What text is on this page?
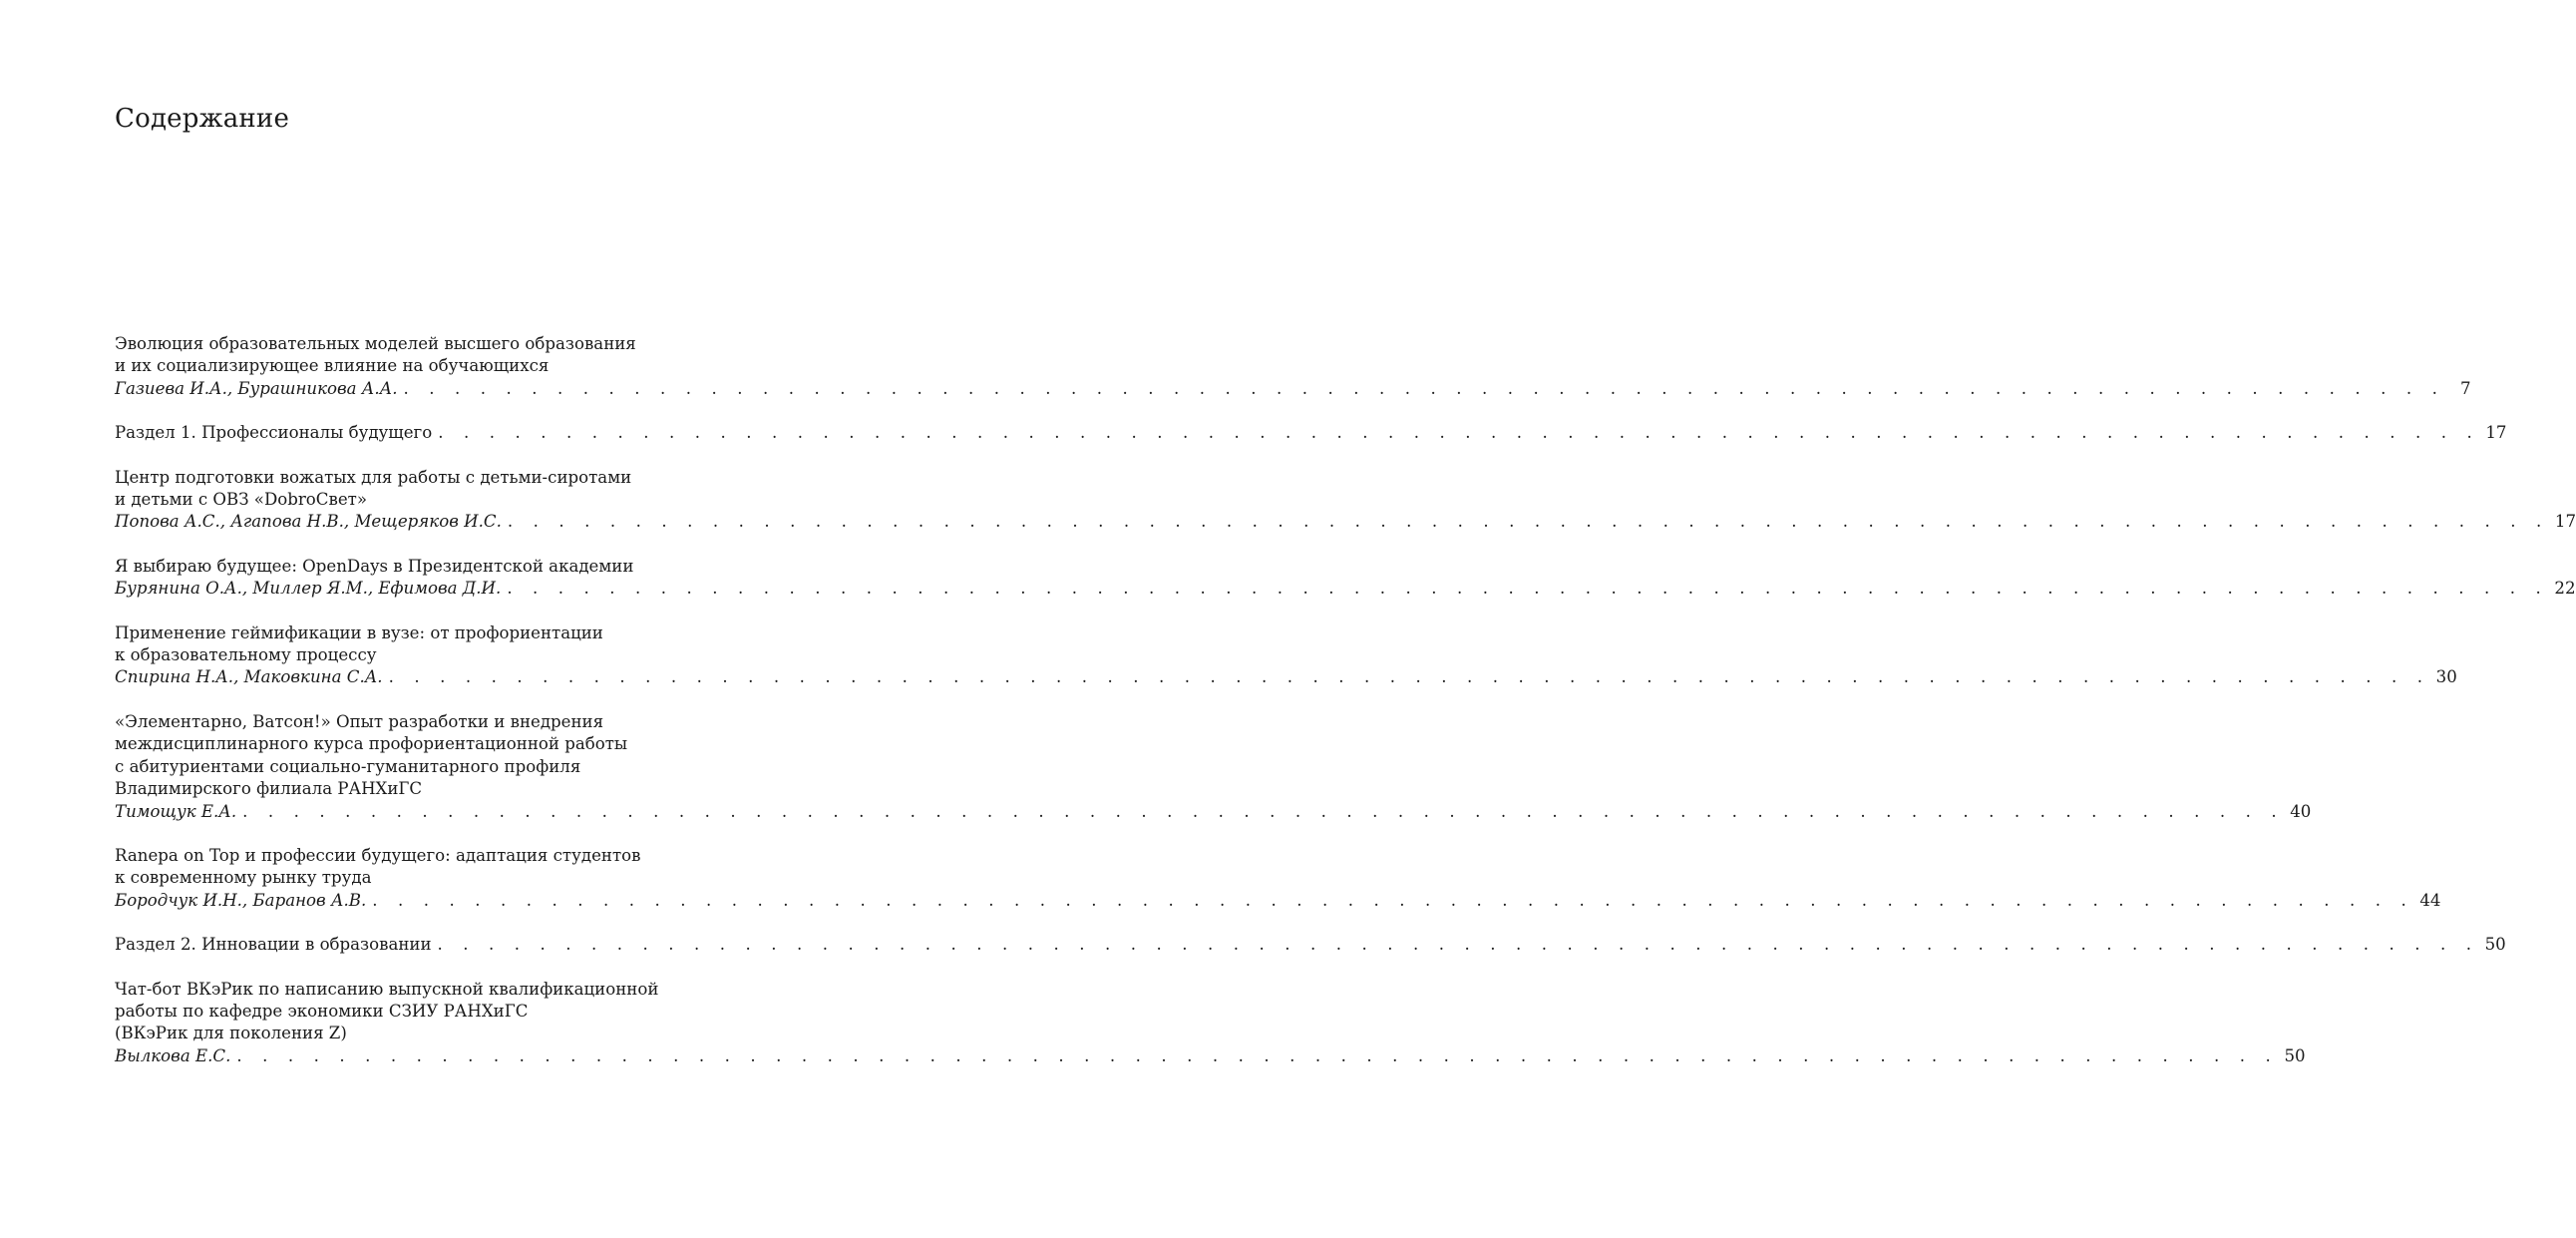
Содержание
Эволюция образовательных моделей высшего образования
и их социализирующее влияние на обучающихся
Газиева И.А., Бурашникова А.А. . . . . . . . . . . . . . . . . . . . . . . . . . . . . . . . . . . . . . . . . . . . . . . . . . . . . . . . . . . . . . . . . . . . . . . . . . . . . . . . . 7
Раздел 1. Профессионалы будущего . . . . . . . . . . . . . . . . . . . . . . . . . . . . . . . . . . . . . . . . . . . . . . . . . . . . . . . . . . . . . . . . . . . . . . . . . . . . . . . . 17
Центр подготовки вожатых для работы с детьми-сиротами
и детьми с ОВЗ «DobroСвет»
Попова А.С., Агапова Н.В., Мещеряков И.С. . . . . . . . . . . . . . . . . . . . . . . . . . . . . . . . . . . . . . . . . . . . . . . . . . . . . . . . . . . . . . . . . . . . . . . . . . . . . . . . . 17
Я выбираю будущее: OpenDays в Президентской академии
Бурянина О.А., Миллер Я.М., Ефимова Д.И. . . . . . . . . . . . . . . . . . . . . . . . . . . . . . . . . . . . . . . . . . . . . . . . . . . . . . . . . . . . . . . . . . . . . . . . . . . . . . . . . 22
Применение геймификации в вузе: от профориентации
к образовательному процессу
Спирина Н.А., Маковкина С.А. . . . . . . . . . . . . . . . . . . . . . . . . . . . . . . . . . . . . . . . . . . . . . . . . . . . . . . . . . . . . . . . . . . . . . . . . . . . . . . . . 30
«Элементарно, Ватсон!» Опыт разработки и внедрения
междисциплинарного курса профориентационной работы
с абитуриентами социально-гуманитарного профиля
Владимирского филиала РАНХиГС
Тимощук Е.А. . . . . . . . . . . . . . . . . . . . . . . . . . . . . . . . . . . . . . . . . . . . . . . . . . . . . . . . . . . . . . . . . . . . . . . . . . . . . . . . . 40
Ranepa on Top и профессии будущего: адаптация студентов
к современному рынку труда
Бородчук И.Н., Баранов А.В. . . . . . . . . . . . . . . . . . . . . . . . . . . . . . . . . . . . . . . . . . . . . . . . . . . . . . . . . . . . . . . . . . . . . . . . . . . . . . . . . 44
Раздел 2. Инновации в образовании . . . . . . . . . . . . . . . . . . . . . . . . . . . . . . . . . . . . . . . . . . . . . . . . . . . . . . . . . . . . . . . . . . . . . . . . . . . . . . . . 50
Чат-бот ВКэРик по написанию выпускной квалификационной
работы по кафедре экономики СЗИУ РАНХиГС
(ВКэРик для поколения Z)
Вылкова Е.С. . . . . . . . . . . . . . . . . . . . . . . . . . . . . . . . . . . . . . . . . . . . . . . . . . . . . . . . . . . . . . . . . . . . . . . . . . . . . . . . . 50
